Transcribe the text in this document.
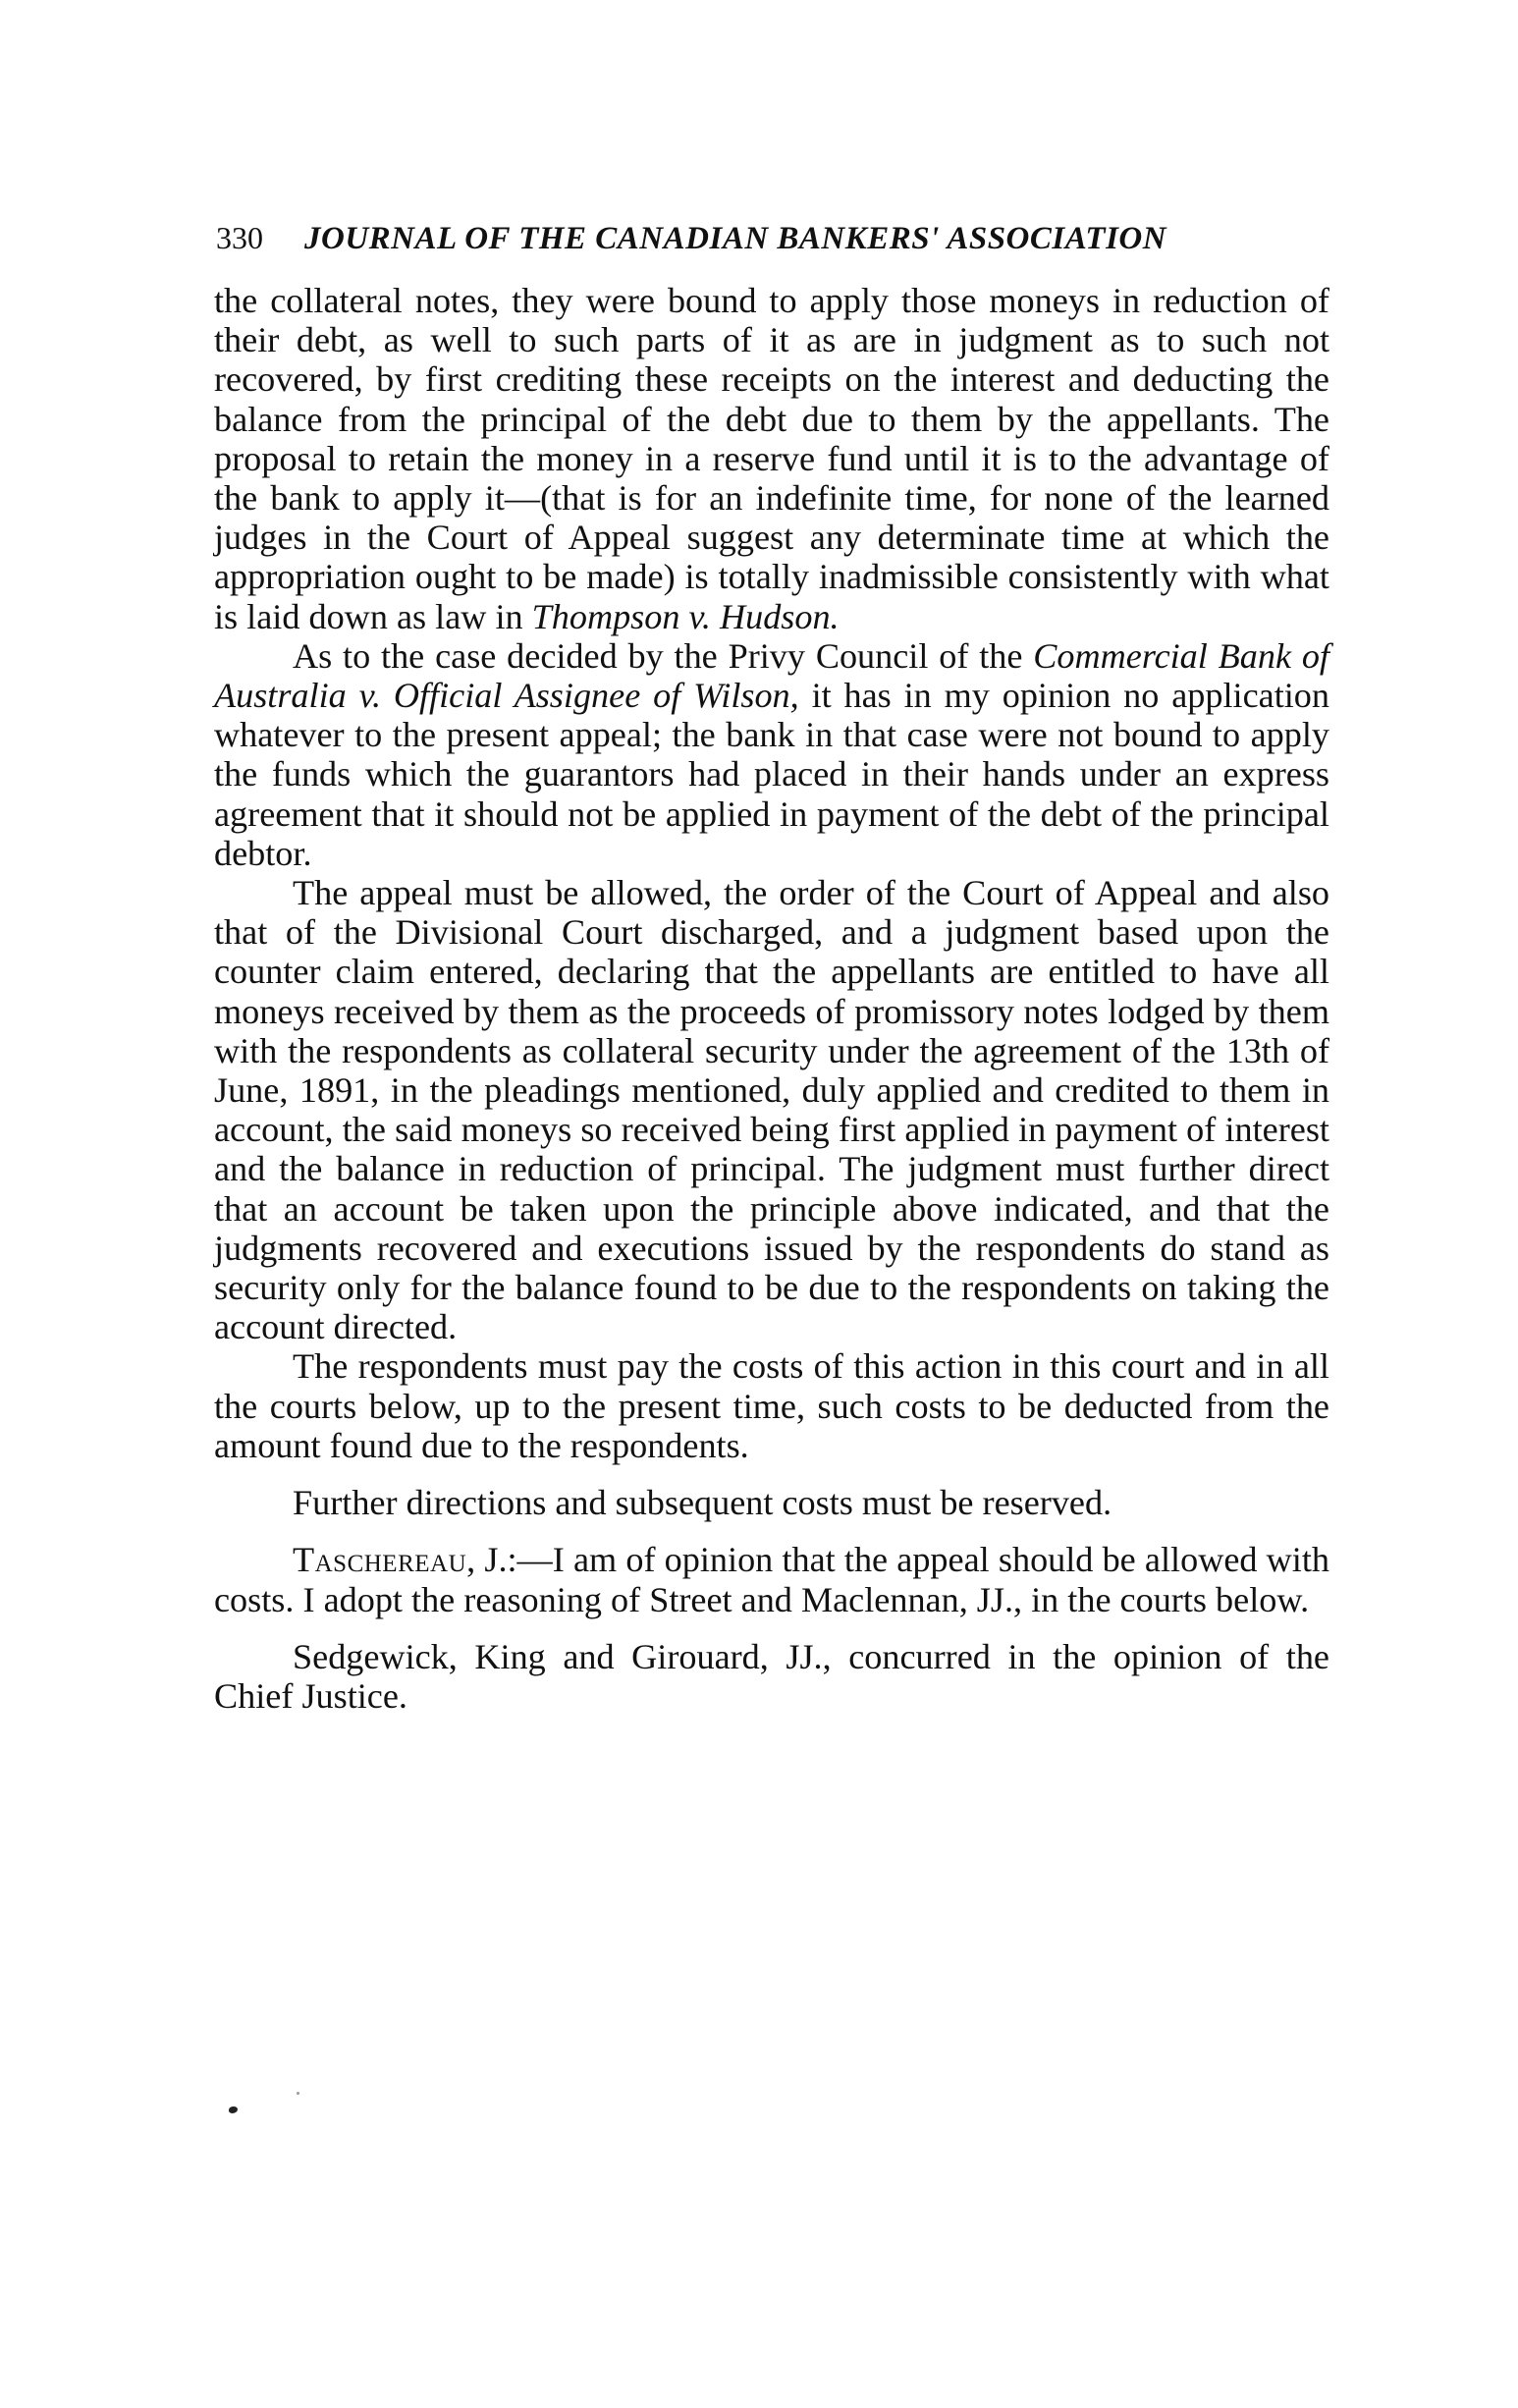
330 JOURNAL OF THE CANADIAN BANKERS' ASSOCIATION

the collateral notes, they were bound to apply those moneys in reduction of their debt, as well to such parts of it as are in judgment as to such not recovered, by first crediting these receipts on the interest and deducting the balance from the principal of the debt due to them by the appellants. The proposal to retain the money in a reserve fund until it is to the advantage of the bank to apply it—(that is for an indefinite time, for none of the learned judges in the Court of Appeal suggest any determinate time at which the appropriation ought to be made) is totally inadmissible consistently with what is laid down as law in Thompson v. Hudson.

As to the case decided by the Privy Council of the Commercial Bank of Australia v. Official Assignee of Wilson, it has in my opinion no application whatever to the present appeal; the bank in that case were not bound to apply the funds which the guarantors had placed in their hands under an express agreement that it should not be applied in payment of the debt of the principal debtor.

The appeal must be allowed, the order of the Court of Appeal and also that of the Divisional Court discharged, and a judgment based upon the counter claim entered, declaring that the appellants are entitled to have all moneys received by them as the proceeds of promissory notes lodged by them with the respondents as collateral security under the agreement of the 13th of June, 1891, in the pleadings mentioned, duly applied and credited to them in account, the said moneys so received being first applied in payment of interest and the balance in reduction of principal. The judgment must further direct that an account be taken upon the principle above indicated, and that the judgments recovered and executions issued by the respondents do stand as security only for the balance found to be due to the respondents on taking the account directed.

The respondents must pay the costs of this action in this court and in all the courts below, up to the present time, such costs to be deducted from the amount found due to the respondents.

Further directions and subsequent costs must be reserved.

Taschereau, J.:—I am of opinion that the appeal should be allowed with costs. I adopt the reasoning of Street and Maclennan, JJ., in the courts below.

Sedgewick, King and Girouard, JJ., concurred in the opinion of the Chief Justice.
